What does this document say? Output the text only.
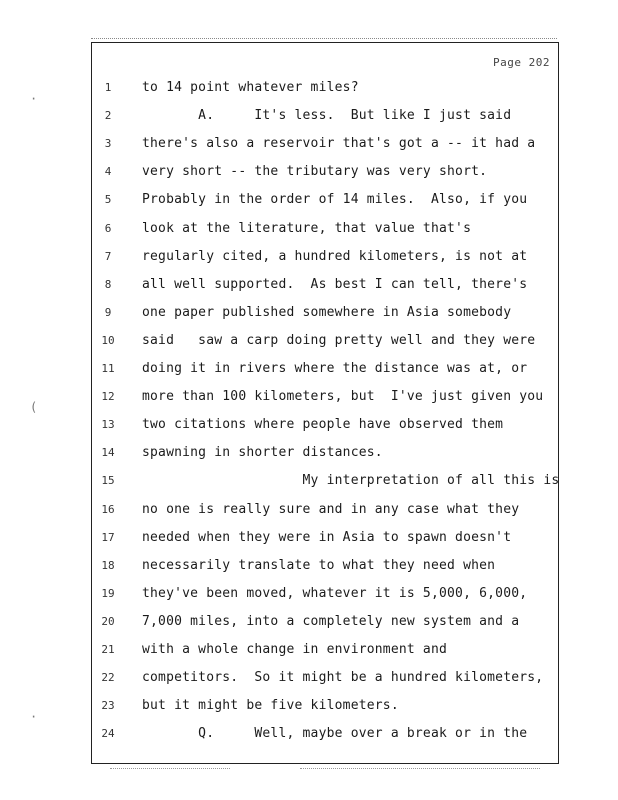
Page 202
1	to 14 point whatever miles?
2	A.     It's less.  But like I just said
3	there's also a reservoir that's got a -- it had a
4	very short -- the tributary was very short.
5	Probably in the order of 14 miles.  Also, if you
6	look at the literature, that value that's
7	regularly cited, a hundred kilometers, is not at
8	all well supported.  As best I can tell, there's
9	one paper published somewhere in Asia somebody
10	said   saw a carp doing pretty well and they were
11	doing it in rivers where the distance was at, or
12	more than 100 kilometers, but  I've just given you
13	two citations where people have observed them
14	spawning in shorter distances.
15	My interpretation of all this is
16	no one is really sure and in any case what they
17	needed when they were in Asia to spawn doesn't
18	necessarily translate to what they need when
19	they've been moved, whatever it is 5,000, 6,000,
20	7,000 miles, into a completely new system and a
21	with a whole change in environment and
22	competitors.  So it might be a hundred kilometers,
23	but it might be five kilometers.
24	Q.     Well, maybe over a break or in the
·
(
·
